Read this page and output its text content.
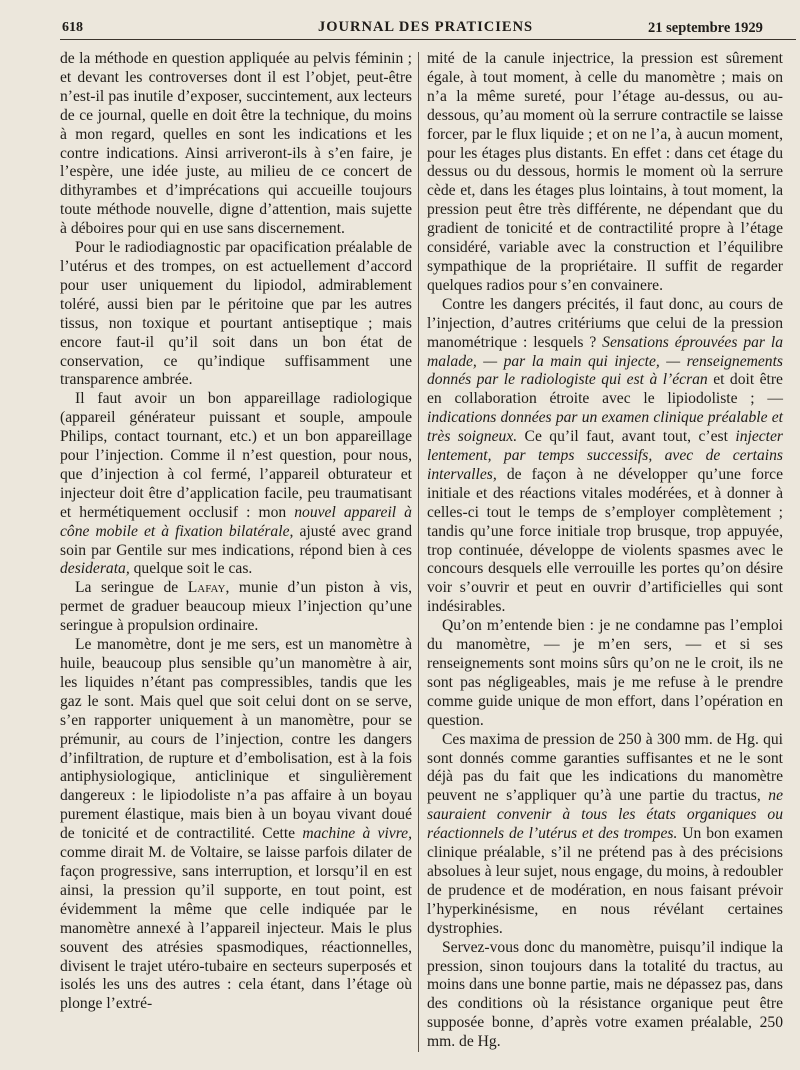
618	JOURNAL DES PRATICIENS	21 septembre 1929

de la méthode en question appliquée au pelvis féminin ; et devant les controverses dont il est l’objet, peut-être n’est-il pas inutile d’exposer, succintement, aux lecteurs de ce journal, quelle en doit être la technique, du moins à mon regard, quelles en sont les indications et les contre indications. Ainsi arriveront-ils à s’en faire, je l’espère, une idée juste, au milieu de ce concert de dithyrambes et d’imprécations qui accueille toujours toute méthode nouvelle, digne d’attention, mais sujette à déboires pour qui en use sans discernement.

Pour le radiodiagnostic par opacification préalable de l’utérus et des trompes, on est actuellement d’accord pour user uniquement du lipiodol, admirablement toléré, aussi bien par le péritoine que par les autres tissus, non toxique et pourtant antiseptique ; mais encore faut-il qu’il soit dans un bon état de conservation, ce qu’indique suffisamment une transparence ambrée.

Il faut avoir un bon appareillage radiologique (appareil générateur puissant et souple, ampoule Philips, contact tournant, etc.) et un bon appareillage pour l’injection. Comme il n’est question, pour nous, que d’injection à col fermé, l’appareil obturateur et injecteur doit être d’application facile, peu traumatisant et hermétiquement occlusif : mon nouvel appareil à cône mobile et à fixation bilatérale, ajusté avec grand soin par Gentile sur mes indications, répond bien à ces desiderata, quelque soit le cas.

La seringue de Lafay, munie d’un piston à vis, permet de graduer beaucoup mieux l’injection qu’une seringue à propulsion ordinaire.

Le manomètre, dont je me sers, est un manomètre à huile, beaucoup plus sensible qu’un manomètre à air, les liquides n’étant pas compressibles, tandis que les gaz le sont. Mais quel que soit celui dont on se serve, s’en rapporter uniquement à un manomètre, pour se prémunir, au cours de l’injection, contre les dangers d’infiltration, de rupture et d’embolisation, est à la fois antiphysiologique, anticlinique et singulièrement dangereux : le lipiodoliste n’a pas affaire à un boyau purement élastique, mais bien à un boyau vivant doué de tonicité et de contractilité. Cette machine à vivre, comme dirait M. de Voltaire, se laisse parfois dilater de façon progressive, sans interruption, et lorsqu’il en est ainsi, la pression qu’il supporte, en tout point, est évidemment la même que celle indiquée par le manomètre annexé à l’appareil injecteur. Mais le plus souvent des atrésies spasmodiques, réactionnelles, divisent le trajet utéro-tubaire en secteurs superposés et isolés les uns des autres : cela étant, dans l’étage où plonge l’extré-

mité de la canule injectrice, la pression est sûrement égale, à tout moment, à celle du manomètre ; mais on n’a la même sureté, pour l’étage au-dessus, ou au-dessous, qu’au moment où la serrure contractile se laisse forcer, par le flux liquide ; et on ne l’a, à aucun moment, pour les étages plus distants. En effet : dans cet étage du dessus ou du dessous, hormis le moment où la serrure cède et, dans les étages plus lointains, à tout moment, la pression peut être très différente, ne dépendant que du gradient de tonicité et de contractilité propre à l’étage considéré, variable avec la construction et l’équilibre sympathique de la propriétaire. Il suffit de regarder quelques radios pour s’en convainere.

Contre les dangers précités, il faut donc, au cours de l’injection, d’autres critériums que celui de la pression manométrique : lesquels ? Sensations éprouvées par la malade, — par la main qui injecte, — renseignements donnés par le radiologiste qui est à l’écran et doit être en collaboration étroite avec le lipiodoliste ; — indications données par un examen clinique préalable et très soigneux. Ce qu’il faut, avant tout, c’est injecter lentement, par temps successifs, avec de certains intervalles, de façon à ne développer qu’une force initiale et des réactions vitales modérées, et à donner à celles-ci tout le temps de s’employer complètement ; tandis qu’une force initiale trop brusque, trop appuyée, trop continuée, développe de violents spasmes avec le concours desquels elle verrouille les portes qu’on désire voir s’ouvrir et peut en ouvrir d’artificielles qui sont indésirables.

Qu’on m’entende bien : je ne condamne pas l’emploi du manomètre, — je m’en sers, — et si ses renseignements sont moins sûrs qu’on ne le croit, ils ne sont pas négligeables, mais je me refuse à le prendre comme guide unique de mon effort, dans l’opération en question.

Ces maxima de pression de 250 à 300 mm. de Hg. qui sont donnés comme garanties suffisantes et ne le sont déjà pas du fait que les indications du manomètre peuvent ne s’appliquer qu’à une partie du tractus, ne sauraient convenir à tous les états organiques ou réactionnels de l’utérus et des trompes. Un bon examen clinique préalable, s’il ne prétend pas à des précisions absolues à leur sujet, nous engage, du moins, à redoubler de prudence et de modération, en nous faisant prévoir l’hyperkinésisme, en nous révélant certaines dystrophies.

Servez-vous donc du manomètre, puisqu’il indique la pression, sinon toujours dans la totalité du tractus, au moins dans une bonne partie, mais ne dépassez pas, dans des conditions où la résistance organique peut être supposée bonne, d’après votre examen préalable, 250 mm. de Hg.
